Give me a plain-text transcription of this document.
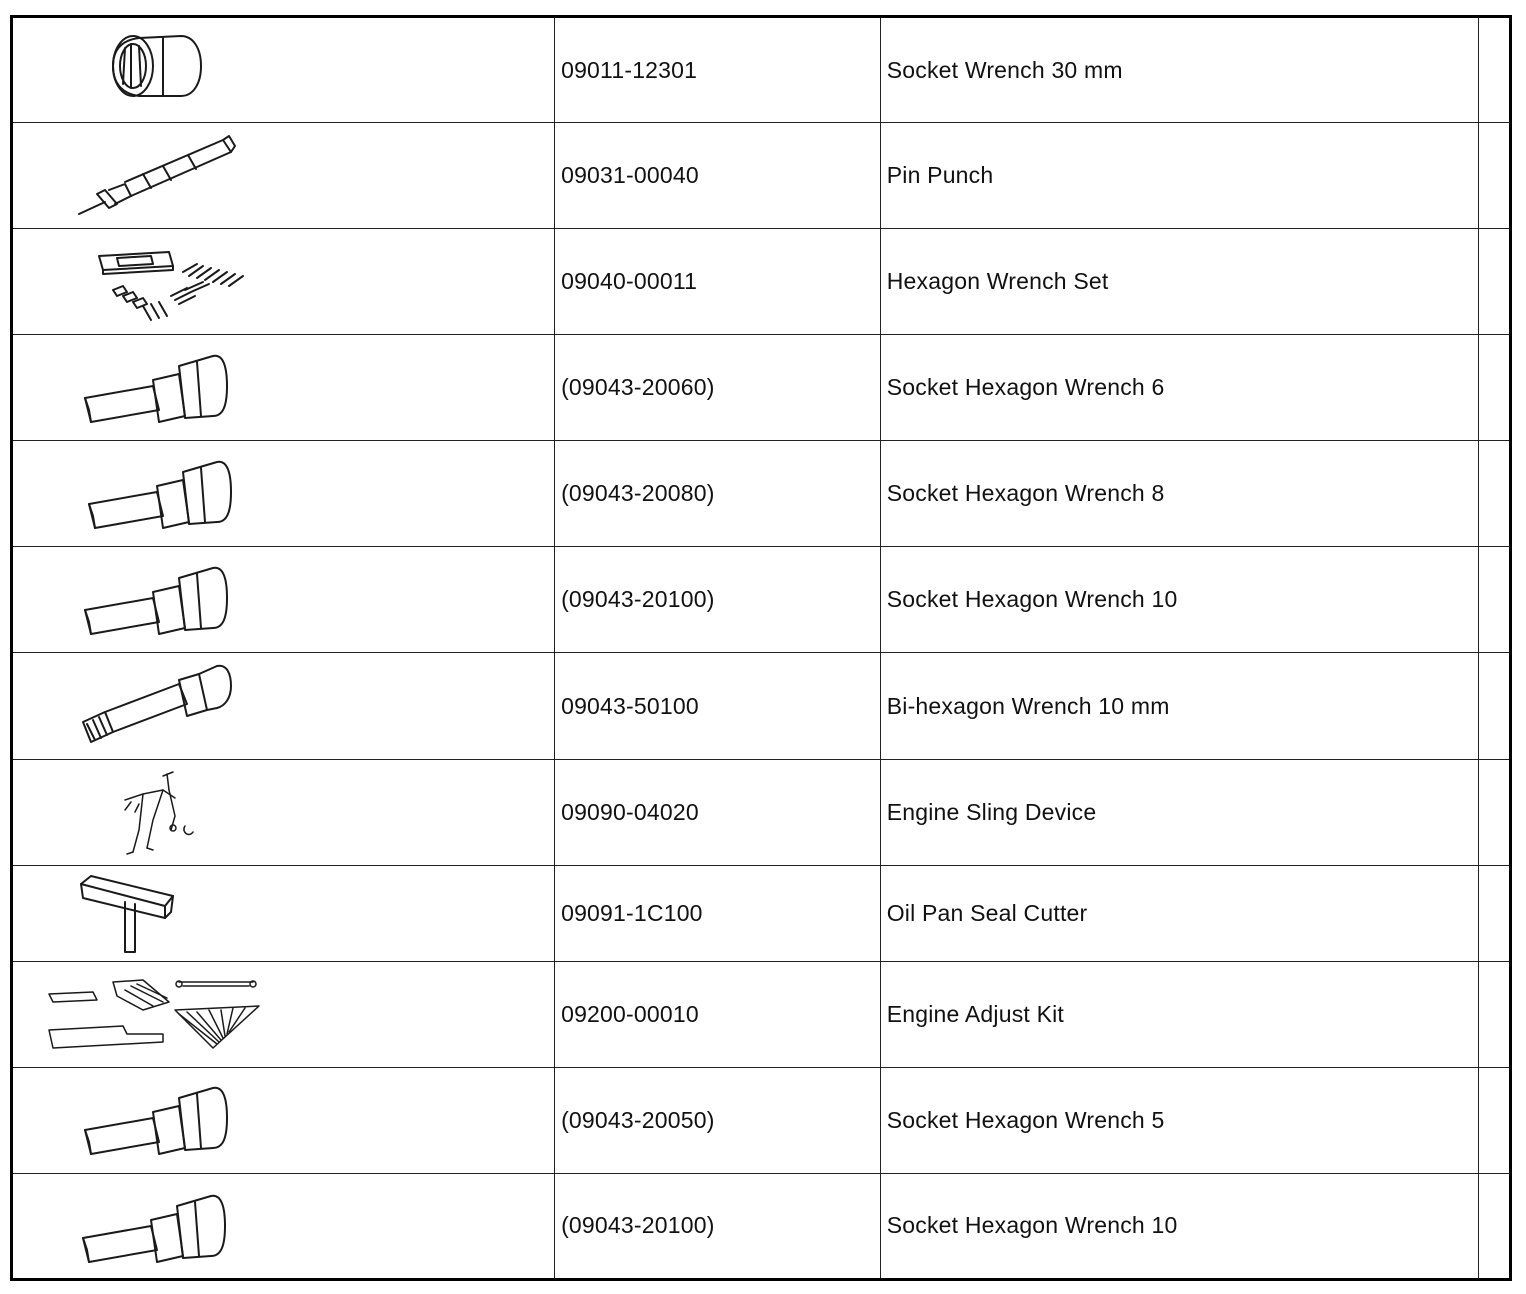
	09011-12301	Socket Wrench 30 mm	

	09031-00040	Pin Punch	

	09040-00011	Hexagon Wrench Set	

	(09043-20060)	Socket Hexagon Wrench 6	

	(09043-20080)	Socket Hexagon Wrench 8	

	(09043-20100)	Socket Hexagon Wrench 10	

	09043-50100	Bi-hexagon Wrench 10 mm	

	09090-04020	Engine Sling Device	

	09091-1C100	Oil Pan Seal Cutter	

	09200-00010	Engine Adjust Kit	

	(09043-20050)	Socket Hexagon Wrench 5	

	(09043-20100)	Socket Hexagon Wrench 10	
